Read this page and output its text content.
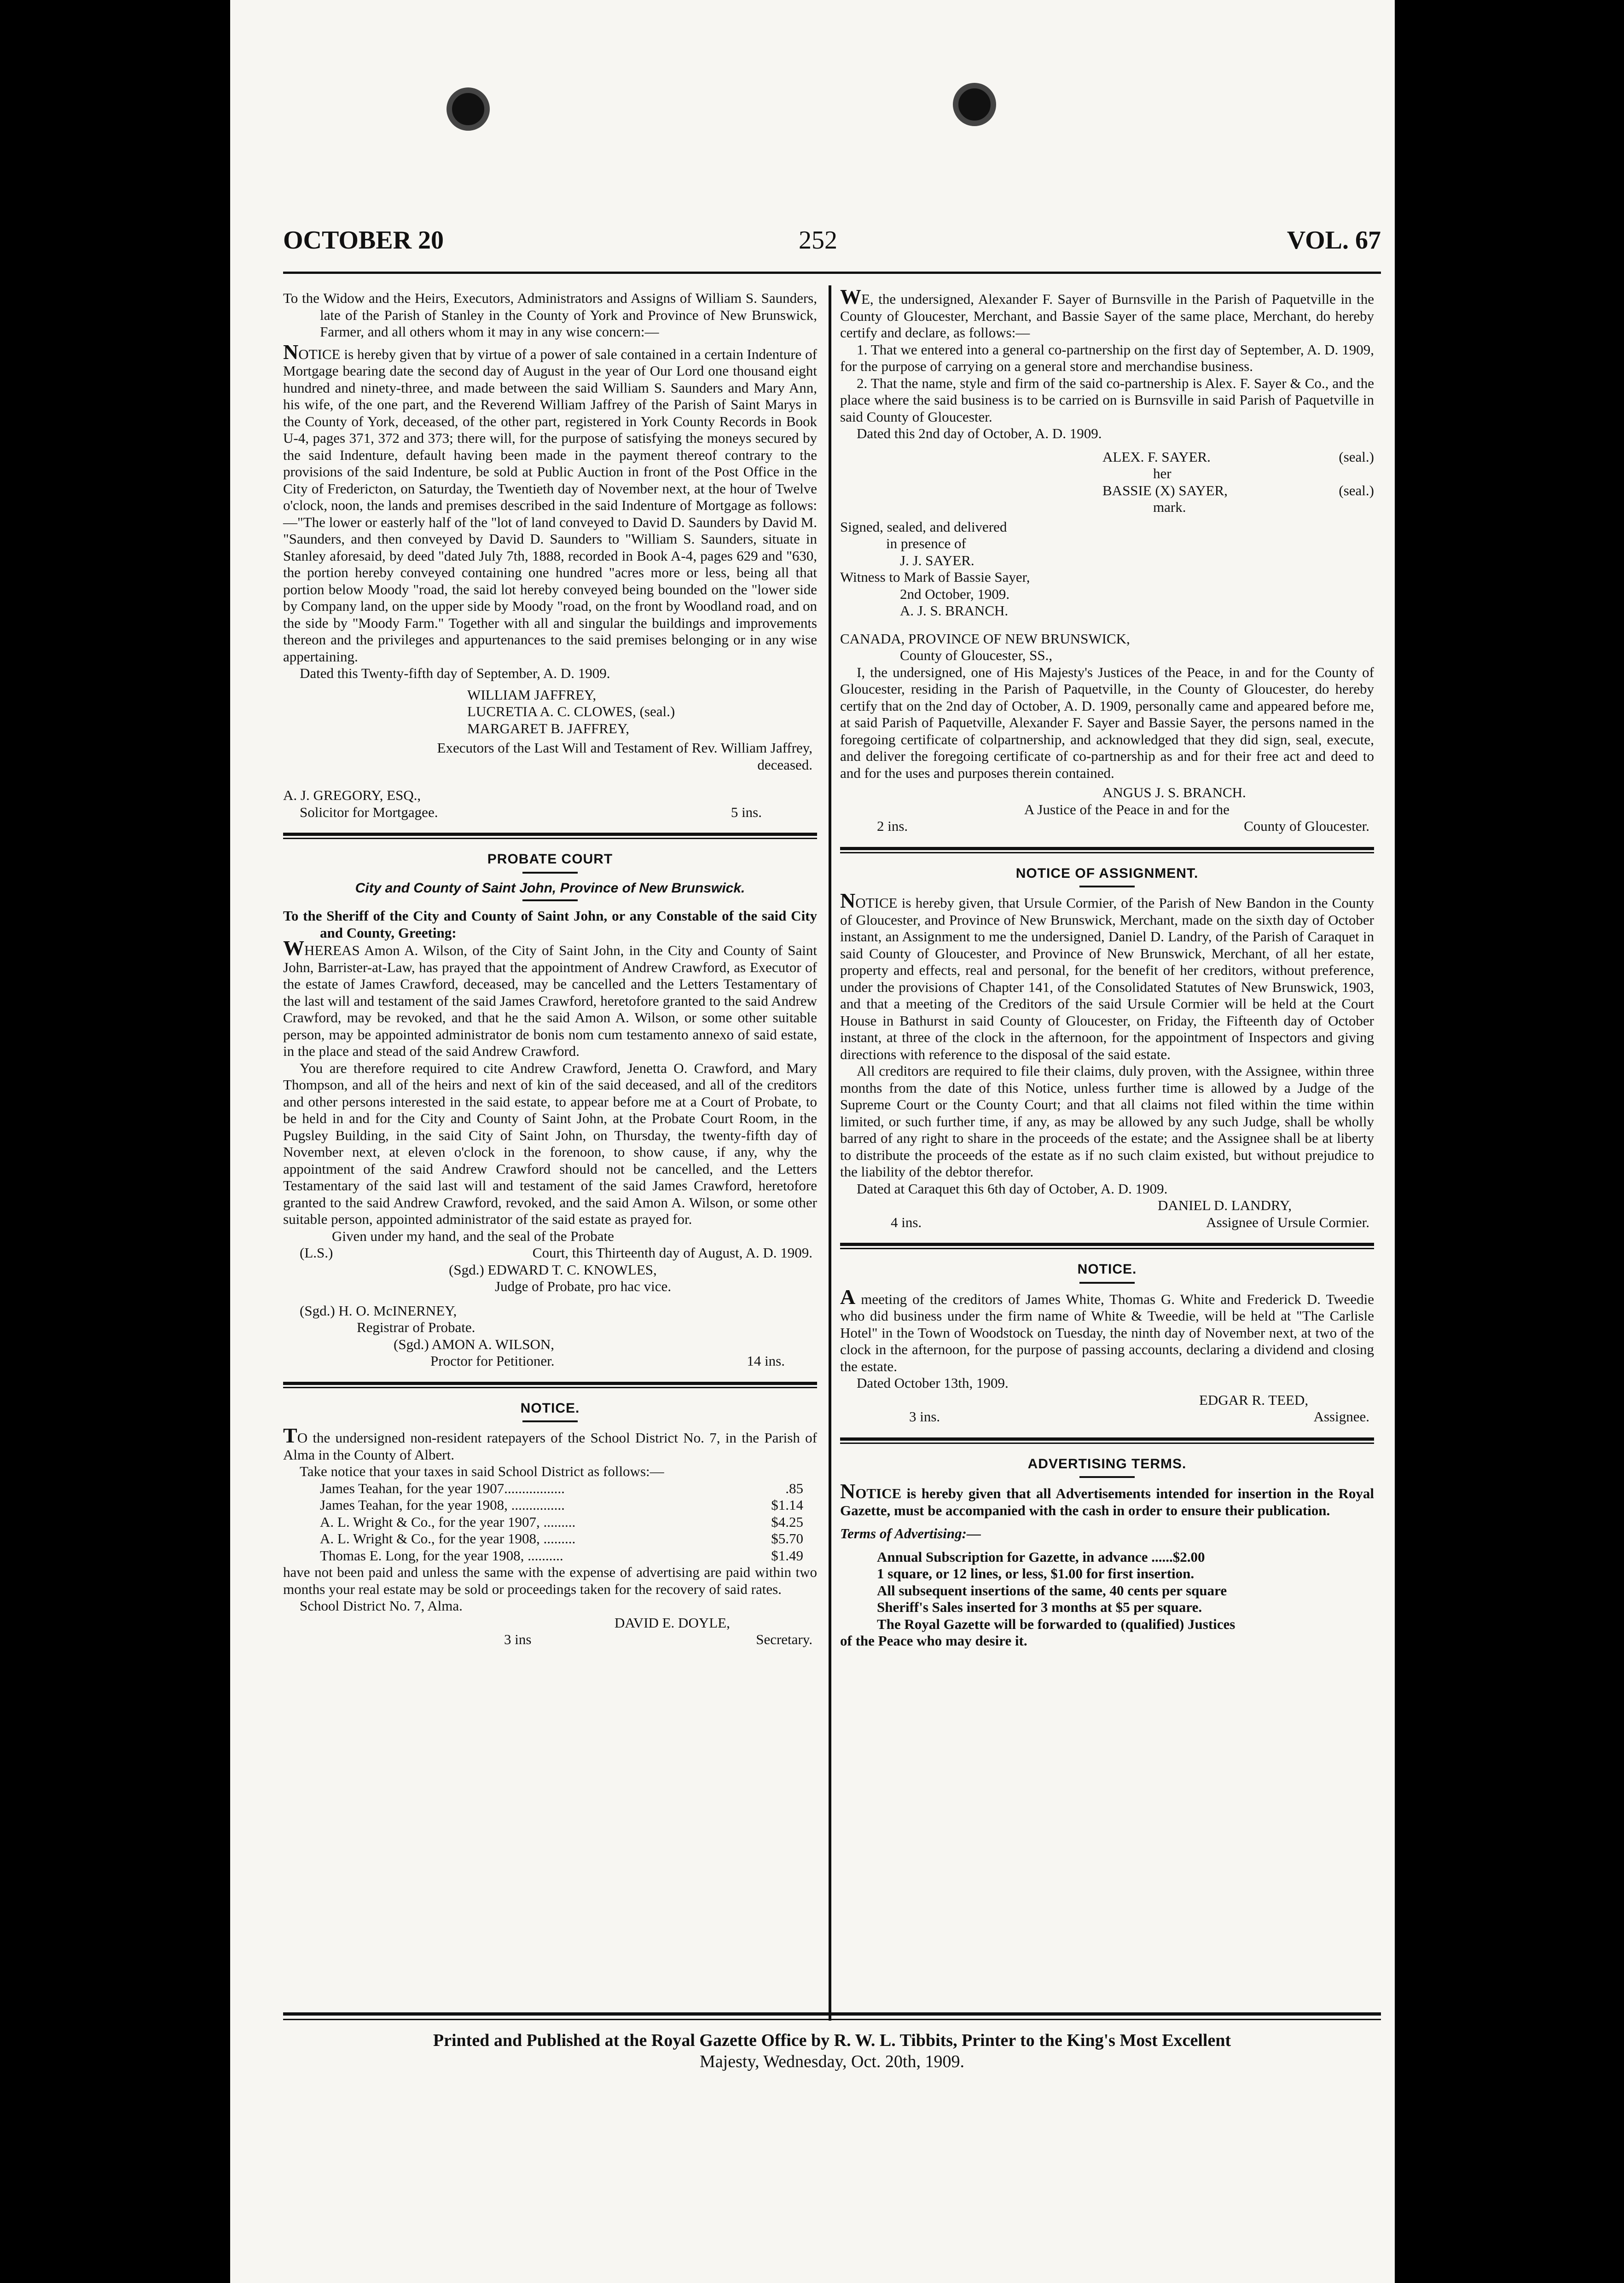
OCTOBER 20	252	VOL. 67

To the Widow and the Heirs, Executors, Administrators and Assigns of William S. Saunders, late of the Parish of Stanley in the County of York and Province of New Brunswick, Farmer, and all others whom it may in any wise concern:—

NOTICE is hereby given that by virtue of a power of sale contained in a certain Indenture of Mortgage bearing date the second day of August in the year of Our Lord one thousand eight hundred and ninety-three, and made between the said William S. Saunders and Mary Ann, his wife, of the one part, and the Reverend William Jaffrey of the Parish of Saint Marys in the County of York, deceased, of the other part, registered in York County Records in Book U-4, pages 371, 372 and 373; there will, for the purpose of satisfying the moneys secured by the said Indenture, default having been made in the payment thereof contrary to the provisions of the said Indenture, be sold at Public Auction in front of the Post Office in the City of Fredericton, on Saturday, the Twentieth day of November next, at the hour of Twelve o'clock, noon, the lands and premises described in the said Indenture of Mortgage as follows:—"The lower or easterly half of the "lot of land conveyed to David D. Saunders by David M. "Saunders, and then conveyed by David D. Saunders to "William S. Saunders, situate in Stanley aforesaid, by deed "dated July 7th, 1888, recorded in Book A-4, pages 629 and "630, the portion hereby conveyed containing one hundred "acres more or less, being all that portion below Moody "road, the said lot hereby conveyed being bounded on the "lower side by Company land, on the upper side by Moody "road, on the front by Woodland road, and on the side by "Moody Farm." Together with all and singular the buildings and improvements thereon and the privileges and appurtenances to the said premises belonging or in any wise appertaining.

Dated this Twenty-fifth day of September, A. D. 1909.

WILLIAM JAFFREY,

LUCRETIA A. C. CLOWES, (seal.)

MARGARET B. JAFFREY,

Executors of the Last Will and Testament of Rev. William Jaffrey, deceased.

A. J. GREGORY, ESQ.,

Solicitor for Mortgagee.	5 ins.

PROBATE COURT

City and County of Saint John, Province of New Brunswick.

To the Sheriff of the City and County of Saint John, or any Constable of the said City and County, Greeting:

WHEREAS Amon A. Wilson, of the City of Saint John, in the City and County of Saint John, Barrister-at-Law, has prayed that the appointment of Andrew Crawford, as Executor of the estate of James Crawford, deceased, may be cancelled and the Letters Testamentary of the last will and testament of the said James Crawford, heretofore granted to the said Andrew Crawford, may be revoked, and that he the said Amon A. Wilson, or some other suitable person, may be appointed administrator de bonis nom cum testamento annexo of said estate, in the place and stead of the said Andrew Crawford.

You are therefore required to cite Andrew Crawford, Jenetta O. Crawford, and Mary Thompson, and all of the heirs and next of kin of the said deceased, and all of the creditors and other persons interested in the said estate, to appear before me at a Court of Probate, to be held in and for the City and County of Saint John, at the Probate Court Room, in the Pugsley Building, in the said City of Saint John, on Thursday, the twenty-fifth day of November next, at eleven o'clock in the forenoon, to show cause, if any, why the appointment of the said Andrew Crawford should not be cancelled, and the Letters Testamentary of the said last will and testament of the said James Crawford, heretofore granted to the said Andrew Crawford, revoked, and the said Amon A. Wilson, or some other suitable person, appointed administrator of the said estate as prayed for.

Given under my hand, and the seal of the Probate

(L.S.)	Court, this Thirteenth day of August, A. D. 1909.

(Sgd.) EDWARD T. C. KNOWLES,

Judge of Probate, pro hac vice.

(Sgd.) H. O. McINERNEY,

Registrar of Probate.

(Sgd.) AMON A. WILSON,

Proctor for Petitioner.	14 ins.

NOTICE.

TO the undersigned non-resident ratepayers of the School District No. 7, in the Parish of Alma in the County of Albert.

Take notice that your taxes in said School District as follows:—

James Teahan, for the year 1907.................	.85
James Teahan, for the year 1908, ...............	$1.14
A. L. Wright & Co., for the year 1907, .........	$4.25
A. L. Wright & Co., for the year 1908, .........	$5.70
Thomas E. Long, for the year 1908, ..........	$1.49

have not been paid and unless the same with the expense of advertising are paid within two months your real estate may be sold or proceedings taken for the recovery of said rates.

School District No. 7, Alma.

DAVID E. DOYLE,

3 ins	Secretary.

WE, the undersigned, Alexander F. Sayer of Burnsville in the Parish of Paquetville in the County of Gloucester, Merchant, and Bassie Sayer of the same place, Merchant, do hereby certify and declare, as follows:—

1. That we entered into a general co-partnership on the first day of September, A. D. 1909, for the purpose of carrying on a general store and merchandise business.

2. That the name, style and firm of the said co-partnership is Alex. F. Sayer & Co., and the place where the said business is to be carried on is Burnsville in said Parish of Paquetville in said County of Gloucester.

Dated this 2nd day of October, A. D. 1909.

ALEX. F. SAYER.	(seal.)

her

BASSIE (X) SAYER,	(seal.)

mark.

Signed, sealed, and delivered

in presence of

J. J. SAYER.

Witness to Mark of Bassie Sayer,

2nd October, 1909.

A. J. S. BRANCH.

CANADA, PROVINCE OF NEW BRUNSWICK,

County of Gloucester, SS.,

I, the undersigned, one of His Majesty's Justices of the Peace, in and for the County of Gloucester, residing in the Parish of Paquetville, in the County of Gloucester, do hereby certify that on the 2nd day of October, A. D. 1909, personally came and appeared before me, at said Parish of Paquetville, Alexander F. Sayer and Bassie Sayer, the persons named in the foregoing certificate of colpartnership, and acknowledged that they did sign, seal, execute, and deliver the foregoing certificate of co-partnership as and for their free act and deed to and for the uses and purposes therein contained.

ANGUS J. S. BRANCH.

A Justice of the Peace in and for the

2 ins.	County of Gloucester.

NOTICE OF ASSIGNMENT.

NOTICE is hereby given, that Ursule Cormier, of the Parish of New Bandon in the County of Gloucester, and Province of New Brunswick, Merchant, made on the sixth day of October instant, an Assignment to me the undersigned, Daniel D. Landry, of the Parish of Caraquet in said County of Gloucester, and Province of New Brunswick, Merchant, of all her estate, property and effects, real and personal, for the benefit of her creditors, without preference, under the provisions of Chapter 141, of the Consolidated Statutes of New Brunswick, 1903, and that a meeting of the Creditors of the said Ursule Cormier will be held at the Court House in Bathurst in said County of Gloucester, on Friday, the Fifteenth day of October instant, at three of the clock in the afternoon, for the appointment of Inspectors and giving directions with reference to the disposal of the said estate.

All creditors are required to file their claims, duly proven, with the Assignee, within three months from the date of this Notice, unless further time is allowed by a Judge of the Supreme Court or the County Court; and that all claims not filed within the time within limited, or such further time, if any, as may be allowed by any such Judge, shall be wholly barred of any right to share in the proceeds of the estate; and the Assignee shall be at liberty to distribute the proceeds of the estate as if no such claim existed, but without prejudice to the liability of the debtor therefor.

Dated at Caraquet this 6th day of October, A. D. 1909.

DANIEL D. LANDRY,

4 ins.	Assignee of Ursule Cormier.

NOTICE.

A meeting of the creditors of James White, Thomas G. White and Frederick D. Tweedie who did business under the firm name of White & Tweedie, will be held at "The Carlisle Hotel" in the Town of Woodstock on Tuesday, the ninth day of November next, at two of the clock in the afternoon, for the purpose of passing accounts, declaring a dividend and closing the estate.

Dated October 13th, 1909.

EDGAR R. TEED,

3 ins.	Assignee.

ADVERTISING TERMS.

NOTICE is hereby given that all Advertisements intended for insertion in the Royal Gazette, must be accompanied with the cash in order to ensure their publication.

Terms of Advertising:—

Annual Subscription for Gazette, in advance ......$2.00

1 square, or 12 lines, or less, $1.00 for first insertion.

All subsequent insertions of the same, 40 cents per square

Sheriff's Sales inserted for 3 months at $5 per square.

The Royal Gazette will be forwarded to (qualified) Justices

of the Peace who may desire it.

Printed and Published at the Royal Gazette Office by R. W. L. Tibbits, Printer to the King's Most Excellent
Majesty, Wednesday, Oct. 20th, 1909.
